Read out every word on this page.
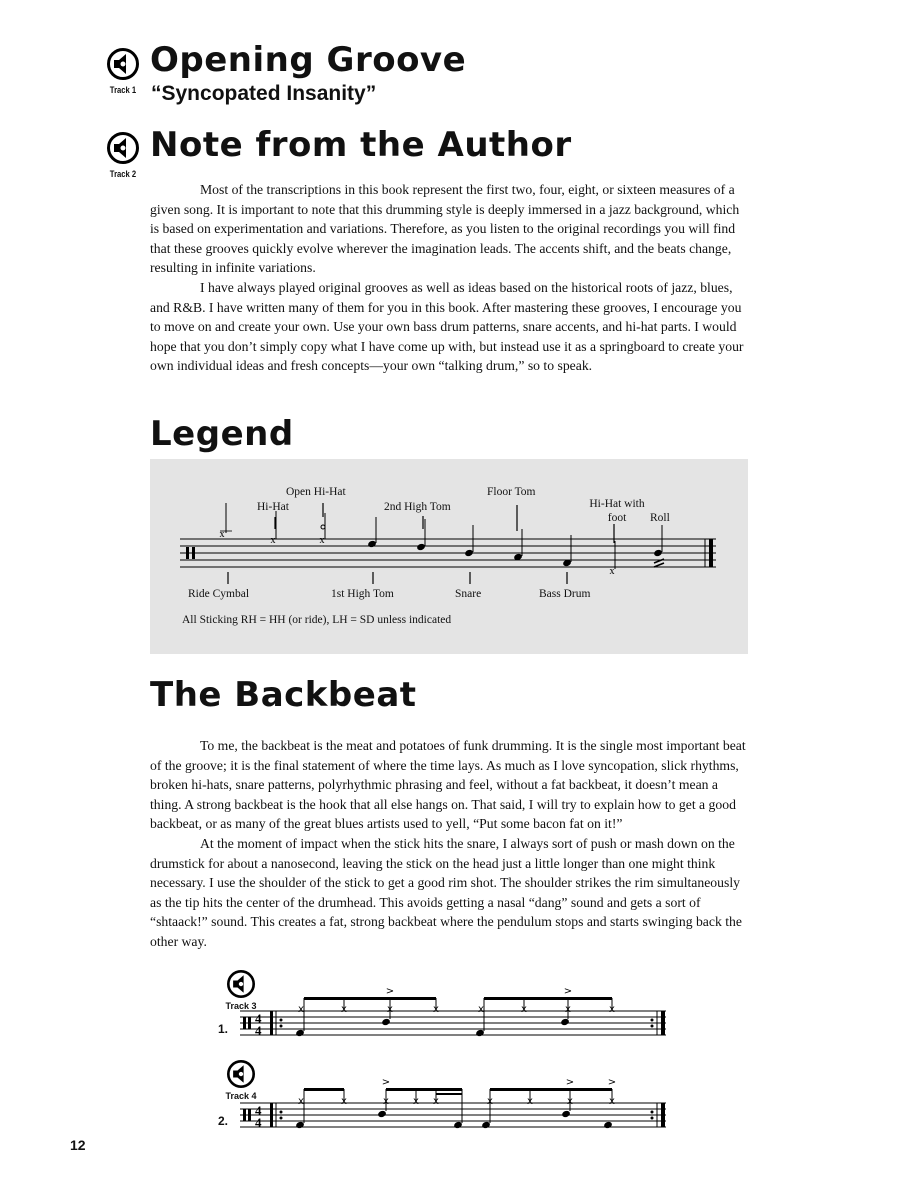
Track 1
Opening Groove
“Syncopated Insanity”
Track 2
Note from the Author

Most of the transcriptions in this book represent the first two, four, eight, or sixteen measures of a given song. It is important to note that this drumming style is deeply immersed in a jazz background, which is based on experimentation and variations. Therefore, as you listen to the original recordings you will find that these grooves quickly evolve wherever the imagination leads. The accents shift, and the beats change, resulting in infinite variations.

I have always played original grooves as well as ideas based on the historical roots of jazz, blues, and R&B. I have written many of them for you in this book. After mastering these grooves, I encourage you to move on and create your own. Use your own bass drum patterns, snare accents, and hi-hat parts. I would hope that you don’t simply copy what I have come up with, but instead use it as a springboard to create your own individual ideas and fresh concepts—your own “talking drum,” so to speak.

Legend
x
x	x
x
Open Hi-Hat
Hi-Hat	2nd High Tom
Floor Tom
Hi-Hat with foot	Roll
Ride Cymbal	1st High Tom	Snare	Bass Drum
All Sticking RH = HH (or ride), LH = SD unless indicated
The Backbeat

To me, the backbeat is the meat and potatoes of funk drumming. It is the single most important beat of the groove; it is the final statement of where the time lays. As much as I love syncopation, slick rhythms, broken hi-hats, snare patterns, polyrhythmic phrasing and feel, without a fat backbeat, it doesn’t mean a thing. A strong backbeat is the hook that all else hangs on. That said, I will try to explain how to get a good backbeat, or as many of the great blues artists used to yell, “Put some bacon fat on it!”

At the moment of impact when the stick hits the snare, I always sort of push or mash down on the drumstick for about a nanosecond, leaving the stick on the head just a little longer than one might think necessary. I use the shoulder of the stick to get a good rim shot. The shoulder strikes the rim simultaneously as the tip hits the center of the drumhead. This avoids getting a nasal “dang” sound and gets a sort of “shtaack!” sound. This creates a fat, strong backbeat where the pendulum stops and starts swinging back the other way.

Track 3
1.
4
4
x	x	x	x	x	x	x	x
>	>
Track 4
2.
4
4
x	x	x x x	x	x	x	x
>	>	>
12
